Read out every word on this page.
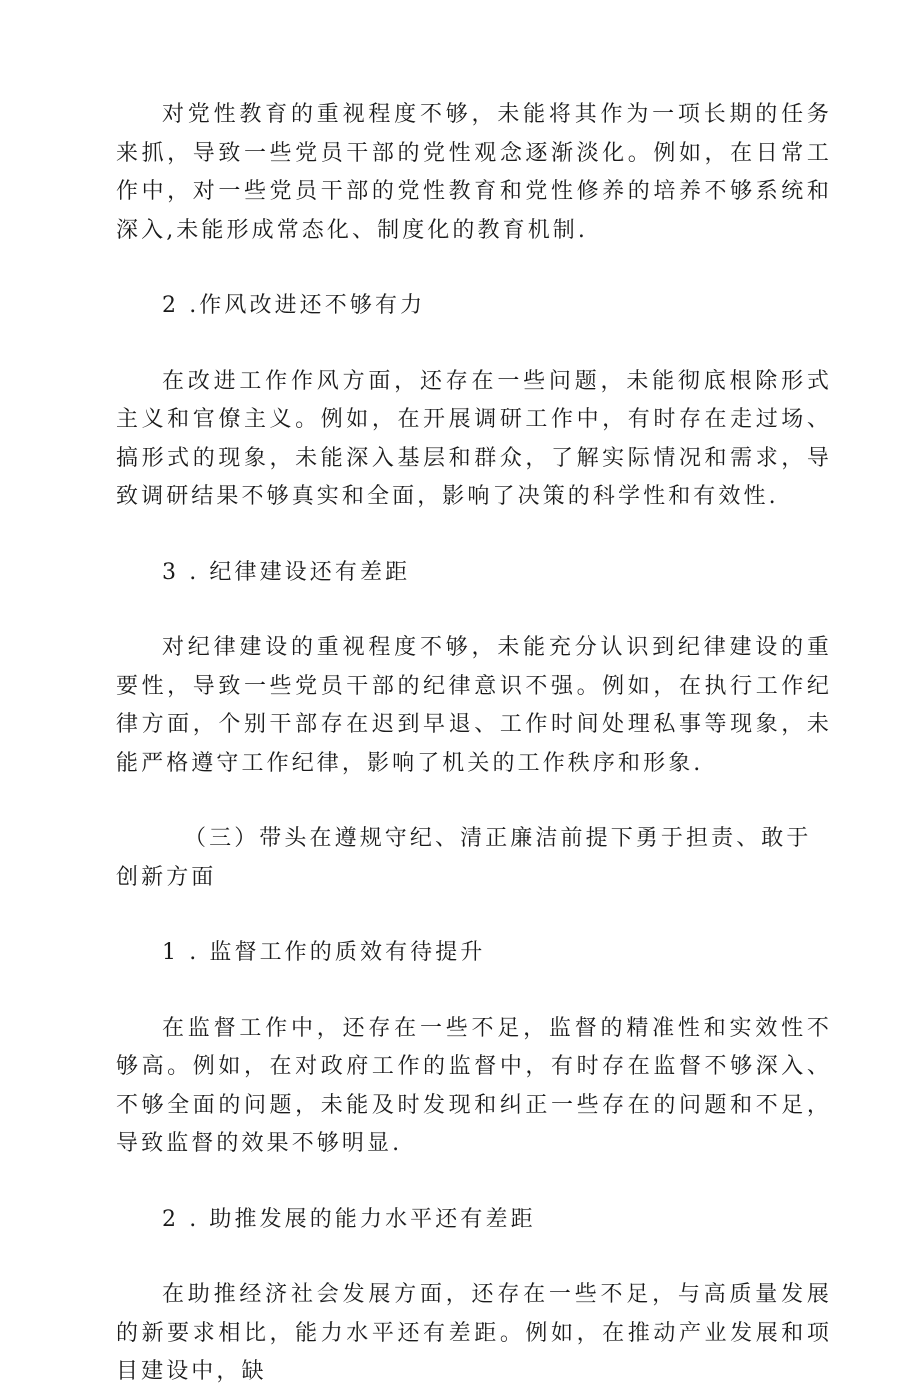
对党性教育的重视程度不够，未能将其作为一项长期的任务来抓，导致一些党员干部的党性观念逐渐淡化。例如，在日常工作中，对一些党员干部的党性教育和党性修养的培养不够系统和深入,未能形成常态化、制度化的教育机制.

2 .作风改进还不够有力

在改进工作作风方面，还存在一些问题，未能彻底根除形式主义和官僚主义。例如，在开展调研工作中，有时存在走过场、搞形式的现象，未能深入基层和群众，了解实际情况和需求，导致调研结果不够真实和全面，影响了决策的科学性和有效性.

3 . 纪律建设还有差距

对纪律建设的重视程度不够，未能充分认识到纪律建设的重要性，导致一些党员干部的纪律意识不强。例如，在执行工作纪律方面，个别干部存在迟到早退、工作时间处理私事等现象，未能严格遵守工作纪律，影响了机关的工作秩序和形象.

（三）带头在遵规守纪、清正廉洁前提下勇于担责、敢于创新方面

1 . 监督工作的质效有待提升

在监督工作中，还存在一些不足，监督的精准性和实效性不够高。例如，在对政府工作的监督中，有时存在监督不够深入、不够全面的问题，未能及时发现和纠正一些存在的问题和不足，导致监督的效果不够明显.

2 . 助推发展的能力水平还有差距

在助推经济社会发展方面，还存在一些不足，与高质量发展的新要求相比，能力水平还有差距。例如，在推动产业发展和项目建设中，缺
